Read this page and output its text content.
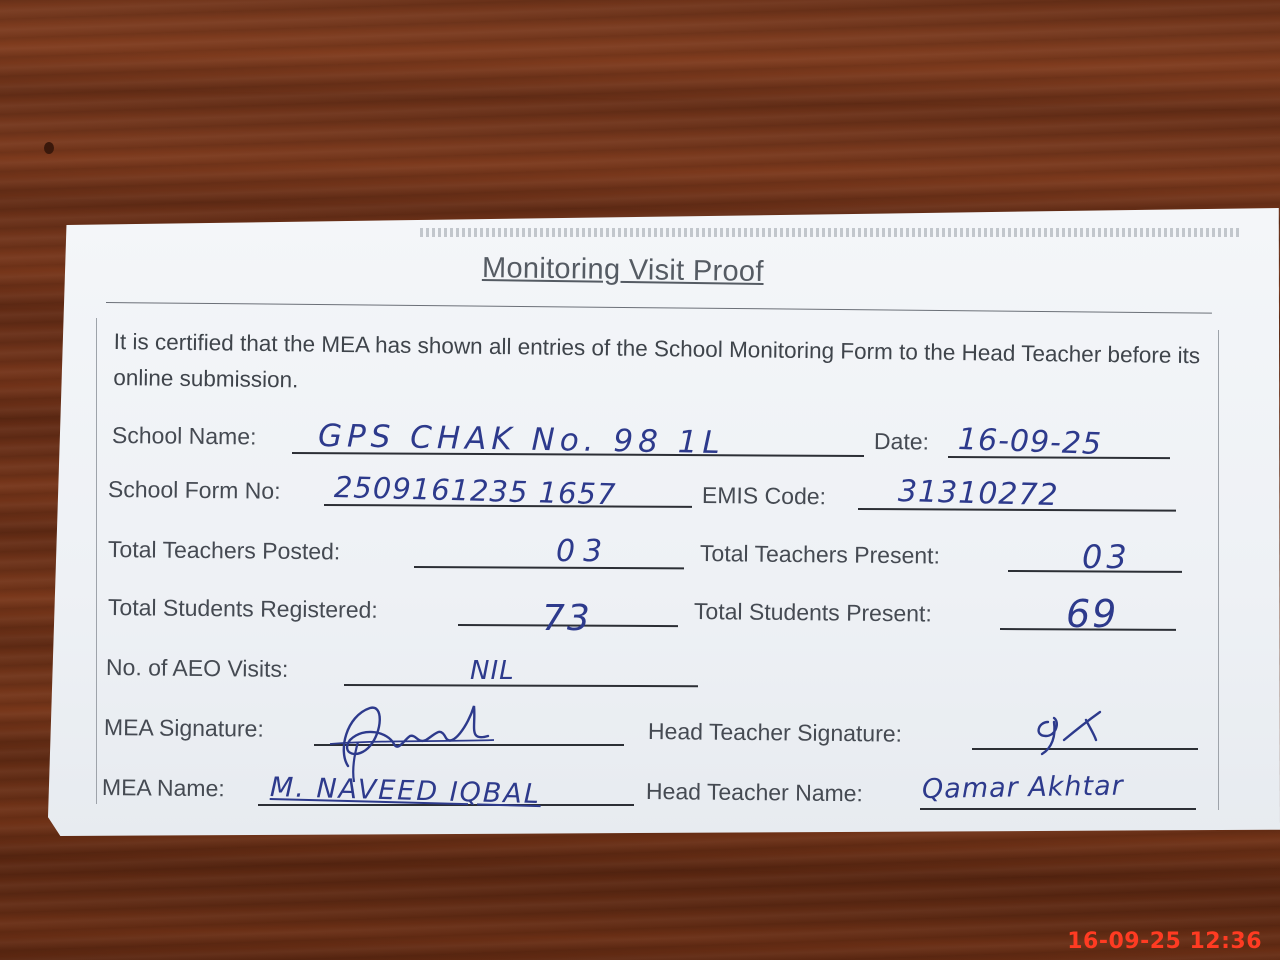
Monitoring Visit Proof
It is certified that the MEA has shown all entries of the School Monitoring Form to the Head Teacher before its online submission.
School Name: GPS CHAK No. 98 1L	Date: 16-09-25
School Form No: 2509161235 1657	EMIS Code: 31310272
Total Teachers Posted:	03	Total Teachers Present:	03
Total Students Registered:	73	Total Students Present:	69
No. of AEO Visits:	NIL
MEA Signature:	Head Teacher Signature:
MEA Name: M. NAVEED IQBAL	Head Teacher Name: Qamar Akhtar
16-09-25 12:36
